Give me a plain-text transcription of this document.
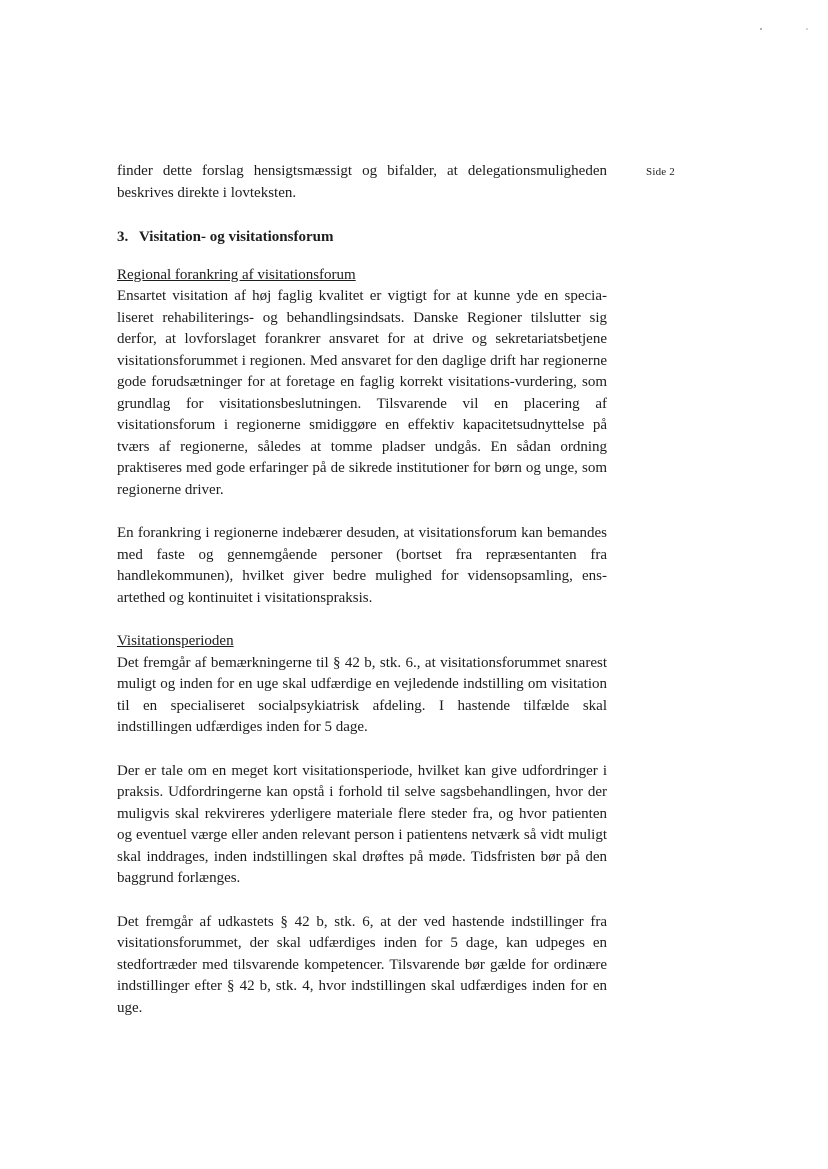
Side 2

finder dette forslag hensigtsmæssigt og bifalder, at delegationsmuligheden beskrives direkte i lovteksten.

3. Visitation- og visitationsforum

Regional forankring af visitationsforum

Ensartet visitation af høj faglig kvalitet er vigtigt for at kunne yde en specialiseret rehabiliterings- og behandlingsindsats. Danske Regioner tilslutter sig derfor, at lovforslaget forankrer ansvaret for at drive og sekretariatsbetjene visitationsforummet i regionen. Med ansvaret for den daglige drift har regionerne gode forudsætninger for at foretage en faglig korrekt visitations-vurdering, som grundlag for visitationsbeslutningen. Tilsvarende vil en placering af visitationsforum i regionerne smidiggøre en effektiv kapacitetsudnyttelse på tværs af regionerne, således at tomme pladser undgås. En sådan ordning praktiseres med gode erfaringer på de sikrede institutioner for børn og unge, som regionerne driver.

En forankring i regionerne indebærer desuden, at visitationsforum kan bemandes med faste og gennemgående personer (bortset fra repræsentanten fra handlekommunen), hvilket giver bedre mulighed for vidensopsamling, ensartethed og kontinuitet i visitationspraksis.

Visitationsperioden

Det fremgår af bemærkningerne til § 42 b, stk. 6., at visitationsforummet snarest muligt og inden for en uge skal udfærdige en vejledende indstilling om visitation til en specialiseret socialpsykiatrisk afdeling. I hastende tilfælde skal indstillingen udfærdiges inden for 5 dage.

Der er tale om en meget kort visitationsperiode, hvilket kan give udfordringer i praksis. Udfordringerne kan opstå i forhold til selve sagsbehandlingen, hvor der muligvis skal rekvireres yderligere materiale flere steder fra, og hvor patienten og eventuel værge eller anden relevant person i patientens netværk så vidt muligt skal inddrages, inden indstillingen skal drøftes på møde. Tidsfristen bør på den baggrund forlænges.

Det fremgår af udkastets § 42 b, stk. 6, at der ved hastende indstillinger fra visitationsforummet, der skal udfærdiges inden for 5 dage, kan udpeges en stedfortræder med tilsvarende kompetencer. Tilsvarende bør gælde for ordinære indstillinger efter § 42 b, stk. 4, hvor indstillingen skal udfærdiges inden for en uge.
